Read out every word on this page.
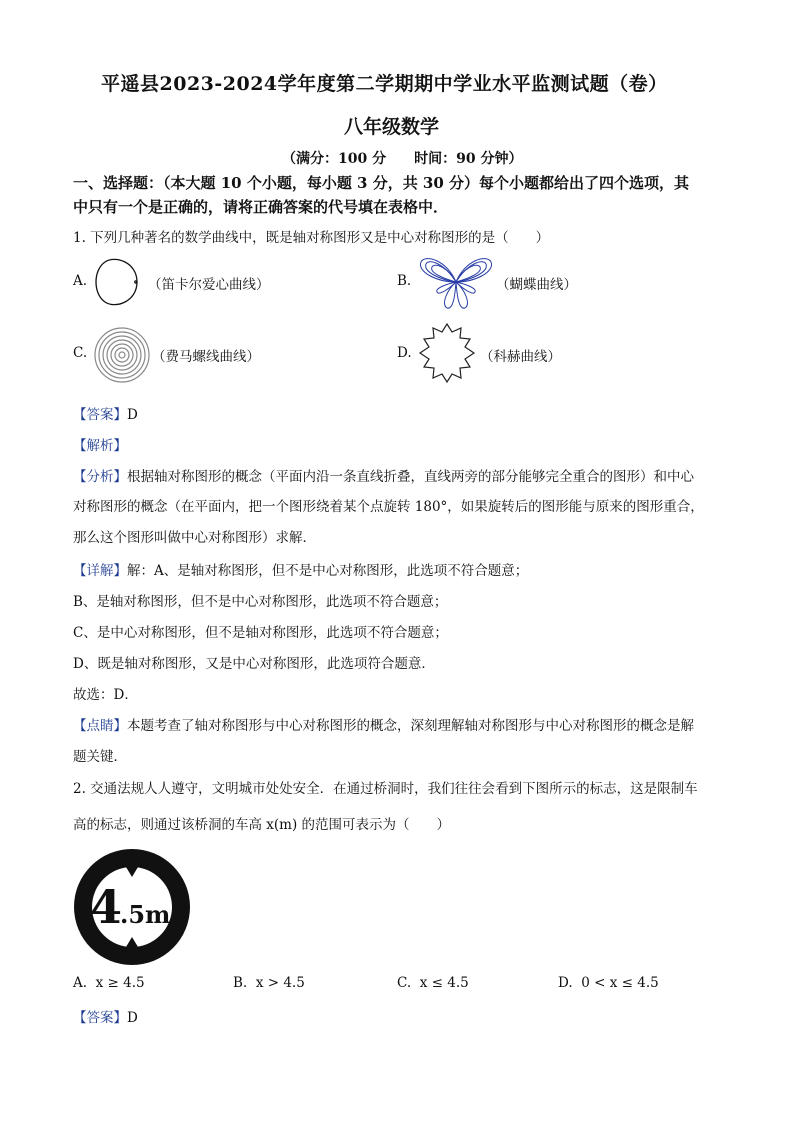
平遥县2023-2024学年度第二学期期中学业水平监测试题（卷）
八年级数学
（满分：100 分　　时间：90 分钟）
一、选择题：（本大题 10 个小题，每小题 3 分，共 30 分）每个小题都给出了四个选项，其
中只有一个是正确的，请将正确答案的代号填在表格中．
1. 下列几种著名的数学曲线中，既是轴对称图形又是中心对称图形的是（　　）
A.	（笛卡尔爱心曲线）	B.	（蝴蝶曲线）
C.	（费马螺线曲线）	D.	（科赫曲线）
【答案】D
【解析】
【分析】根据轴对称图形的概念（平面内沿一条直线折叠，直线两旁的部分能够完全重合的图形）和中心
对称图形的概念（在平面内，把一个图形绕着某个点旋转 180°，如果旋转后的图形能与原来的图形重合，
那么这个图形叫做中心对称图形）求解．
【详解】解：A、是轴对称图形，但不是中心对称图形，此选项不符合题意；
B、是轴对称图形，但不是中心对称图形，此选项不符合题意；
C、是中心对称图形，但不是轴对称图形，此选项不符合题意；
D、既是轴对称图形，又是中心对称图形，此选项符合题意．
故选：D．
【点睛】本题考查了轴对称图形与中心对称图形的概念，深刻理解轴对称图形与中心对称图形的概念是解
题关键．
2. 交通法规人人遵守，文明城市处处安全．在通过桥洞时，我们往往会看到下图所示的标志，这是限制车
高的标志，则通过该桥洞的车高 x(m) 的范围可表示为（　　）
4
.5m
A. x ≥ 4.5	B. x > 4.5	C. x ≤ 4.5	D. 0 < x ≤ 4.5
【答案】D
